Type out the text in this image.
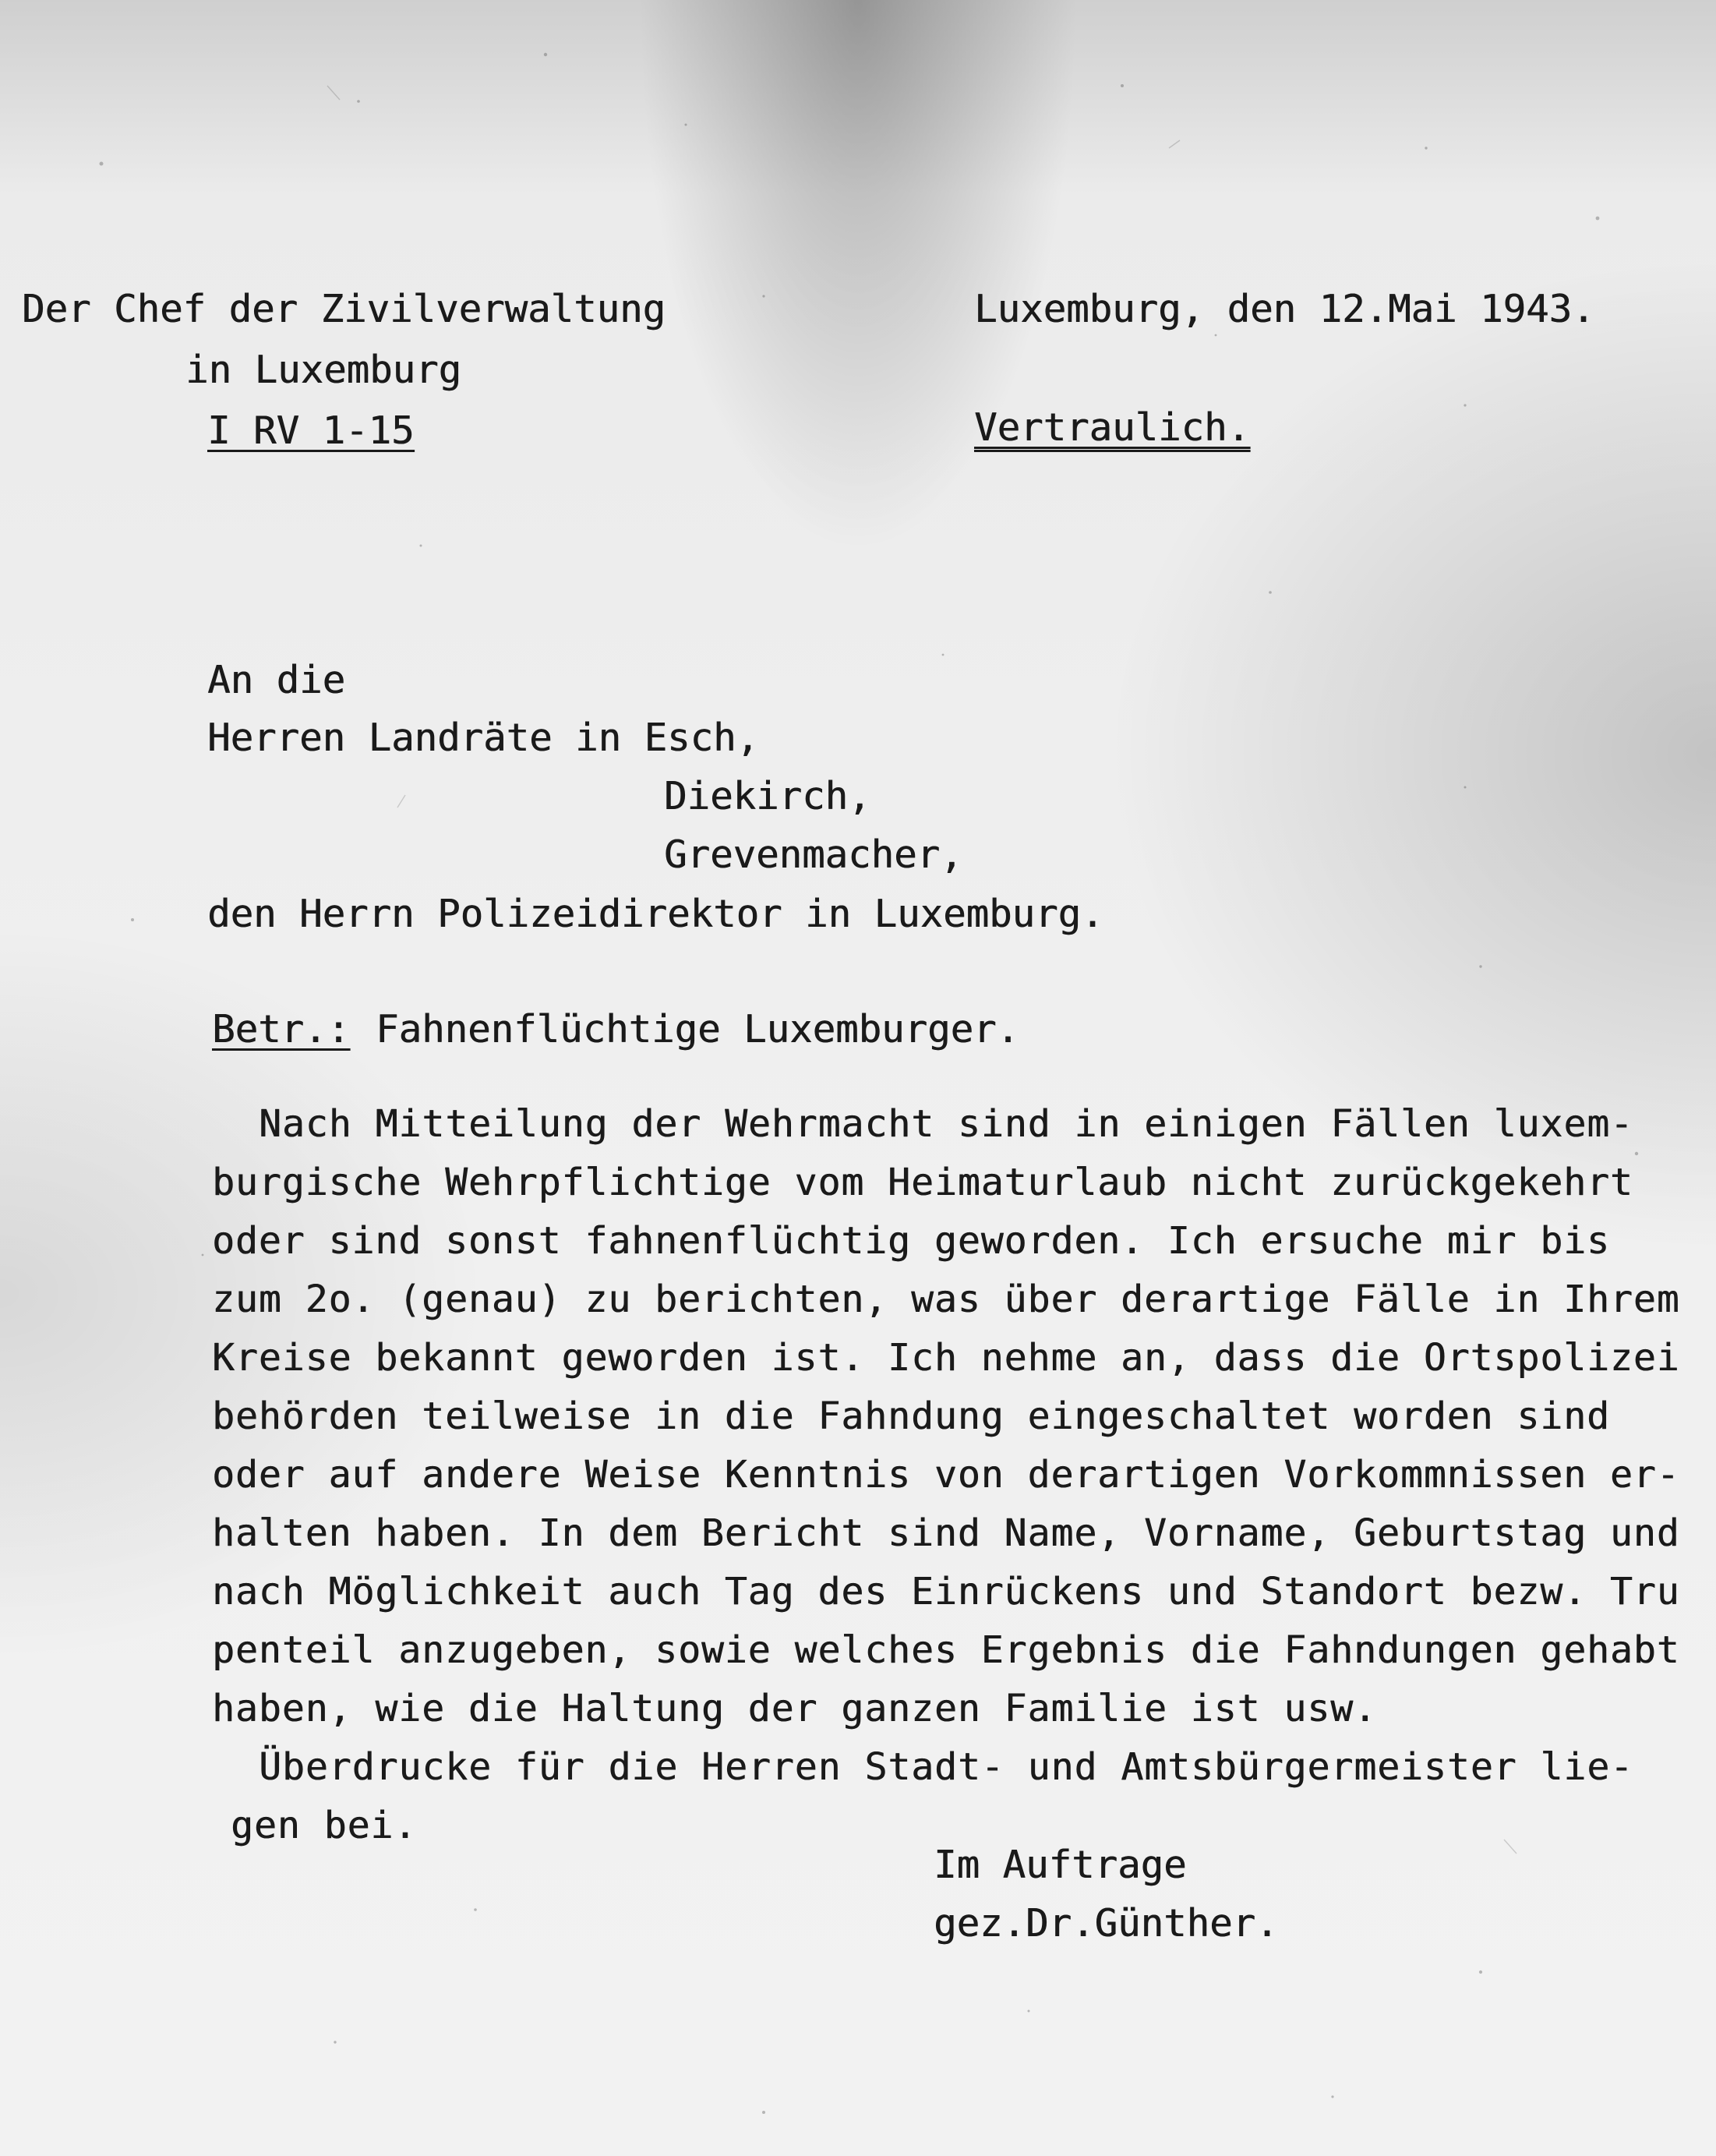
Der Chef der Zivilverwaltung
in Luxemburg
I RV 1-15
Luxemburg, den 12.Mai 1943.
Vertraulich.
An die
Herren Landräte in Esch,
Diekirch,
Grevenmacher,
den Herrn Polizeidirektor in Luxemburg.
Betr.: Fahnenflüchtige Luxemburger.
Nach Mitteilung der Wehrmacht sind in einigen Fällen luxem-
burgische Wehrpflichtige vom Heimaturlaub nicht zurückgekehrt
oder sind sonst fahnenflüchtig geworden. Ich ersuche mir bis
zum 2o. (genau) zu berichten, was über derartige Fälle in Ihrem
Kreise bekannt geworden ist. Ich nehme an, dass die Ortspolizei
behörden teilweise in die Fahndung eingeschaltet worden sind
oder auf andere Weise Kenntnis von derartigen Vorkommnissen er-
halten haben. In dem Bericht sind Name, Vorname, Geburtstag und
nach Möglichkeit auch Tag des Einrückens und Standort bezw. Tru
penteil anzugeben, sowie welches Ergebnis die Fahndungen gehabt
haben, wie die Haltung der ganzen Familie ist usw.
Überdrucke für die Herren Stadt- und Amtsbürgermeister lie-
gen bei.
Im Auftrage
gez.Dr.Günther.
